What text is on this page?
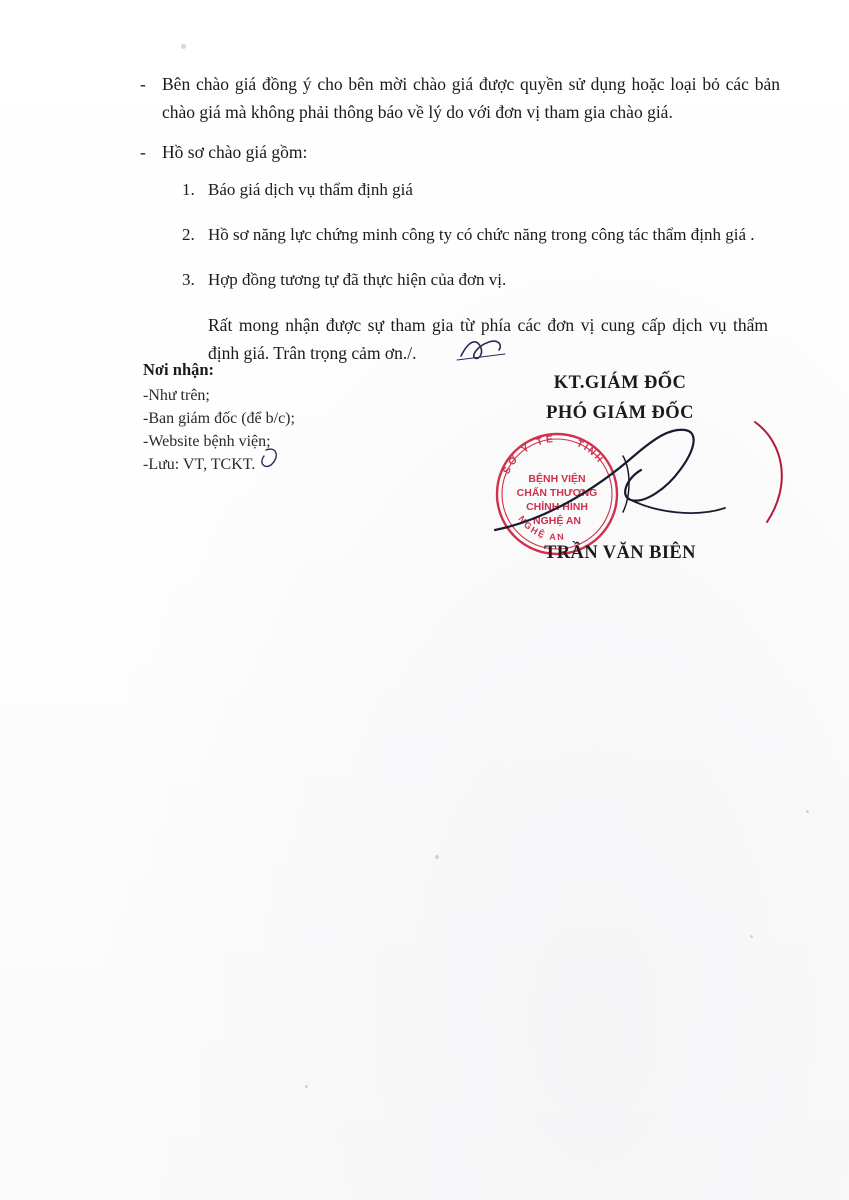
- Bên chào giá đồng ý cho bên mời chào giá được quyền sử dụng hoặc loại bỏ các bản chào giá mà không phải thông báo về lý do với đơn vị tham gia chào giá.
- Hồ sơ chào giá gồm:
1. Báo giá dịch vụ thẩm định giá
2. Hồ sơ năng lực chứng minh công ty có chức năng trong công tác thẩm định giá .
3. Hợp đồng tương tự đã thực hiện của đơn vị.
Rất mong nhận được sự tham gia từ phía các đơn vị cung cấp dịch vụ thẩm định giá. Trân trọng cảm ơn./.
Nơi nhận:
-Như trên;
-Ban giám đốc (để b/c);
-Website bệnh viện;
-Lưu: VT, TCKT.
KT.GIÁM ĐỐC
PHÓ GIÁM ĐỐC
TRẦN VĂN BIÊN
SỞ Y TẾ TỈNH
NGHỆ AN
BỆNH VIỆN
CHẤN THƯƠNG
CHỈNH HÌNH
NGHỆ AN
